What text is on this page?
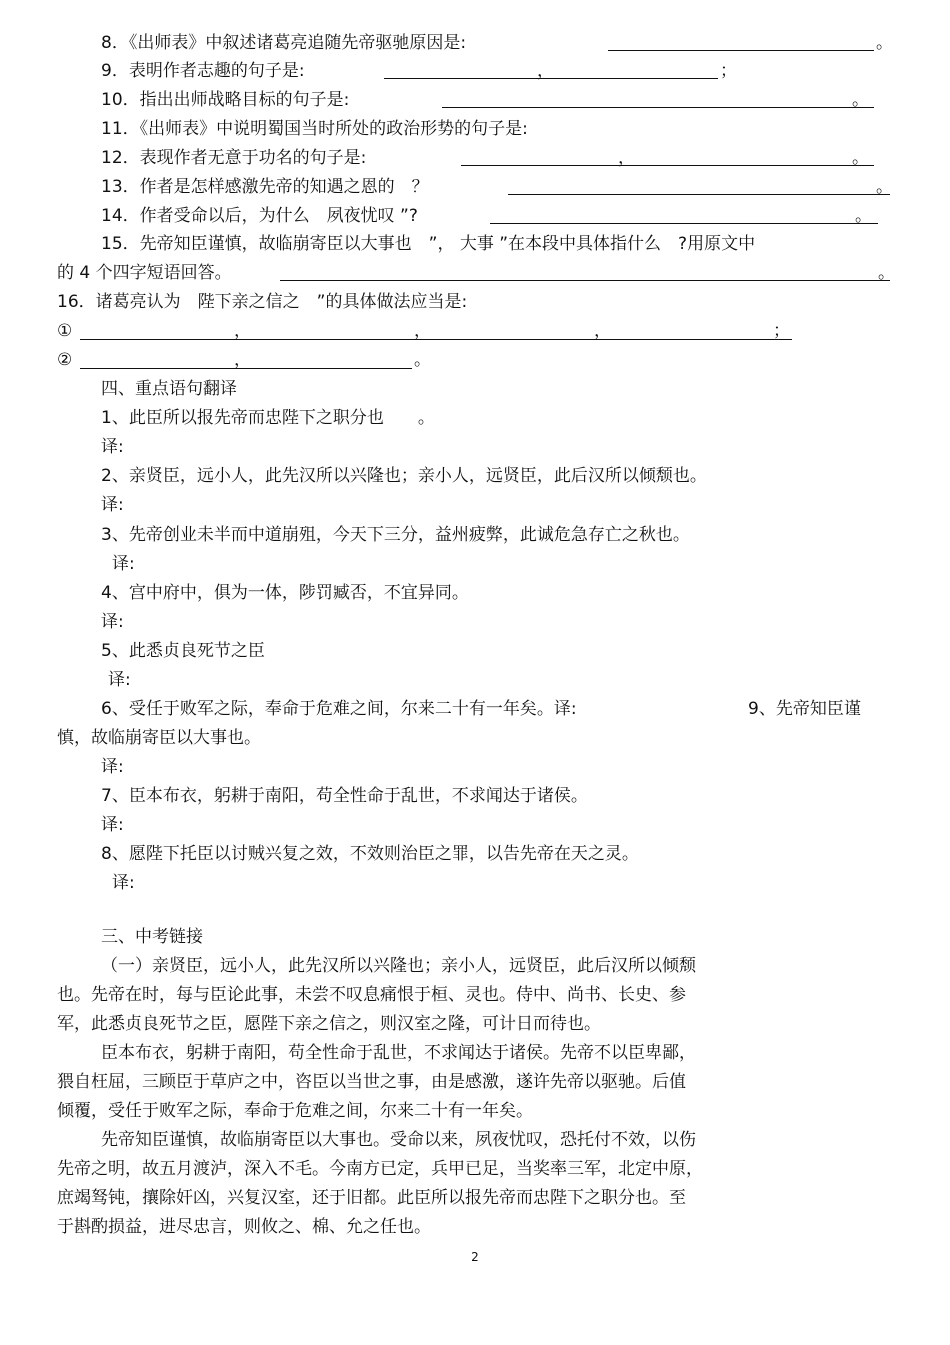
8．《出师表》中叙述诸葛亮追随先帝驱驰原因是:	。
9．表明作者志趣的句子是:	，	；
10．指出出师战略目标的句子是:	。
11．《出师表》中说明蜀国当时所处的政治形势的句子是:
12．表现作者无意于功名的句子是:	，	。
13．作者是怎样感激先帝的知遇之恩的　？	。
14．作者受命以后，为什么　夙夜忧叹 ”?	。
15．先帝知臣谨慎，故临崩寄臣以大事也　”， 大事 ”在本段中具体指什么　?用原文中
的 4 个四字短语回答。	。
16．诸葛亮认为　陛下亲之信之　”的具体做法应当是:
①	，	，	，	；
②	，	。
四、重点语句翻译
1、此臣所以报先帝而忠陛下之职分也　　。
译:
2、亲贤臣，远小人，此先汉所以兴隆也；亲小人，远贤臣，此后汉所以倾颓也。
译:
3、先帝创业未半而中道崩殂，今天下三分，益州疲弊，此诚危急存亡之秋也。
译:
4、宫中府中，俱为一体，陟罚臧否，不宜异同。
译:
5、此悉贞良死节之臣
译:
6、受任于败军之际，奉命于危难之间，尔来二十有一年矣。译:	9、先帝知臣谨
慎，故临崩寄臣以大事也。
译:
7、臣本布衣，躬耕于南阳，苟全性命于乱世，不求闻达于诸侯。
译:
8、愿陛下托臣以讨贼兴复之效，不效则治臣之罪，以告先帝在天之灵。
译:
三、中考链接
（一）亲贤臣，远小人，此先汉所以兴隆也；亲小人，远贤臣，此后汉所以倾颓
也。先帝在时，每与臣论此事，未尝不叹息痛恨于桓、灵也。侍中、尚书、长史、参
军，此悉贞良死节之臣，愿陛下亲之信之，则汉室之隆，可计日而待也。
臣本布衣，躬耕于南阳，苟全性命于乱世，不求闻达于诸侯。先帝不以臣卑鄙，
猥自枉屈，三顾臣于草庐之中，咨臣以当世之事，由是感激，遂许先帝以驱驰。后值
倾覆，受任于败军之际，奉命于危难之间，尔来二十有一年矣。
先帝知臣谨慎，故临崩寄臣以大事也。受命以来，夙夜忧叹，恐托付不效，以伤
先帝之明，故五月渡泸，深入不毛。今南方已定，兵甲已足，当奖率三军，北定中原，
庶竭驽钝，攘除奸凶，兴复汉室，还于旧都。此臣所以报先帝而忠陛下之职分也。至
于斟酌损益，进尽忠言，则攸之、棉、允之任也。
2
